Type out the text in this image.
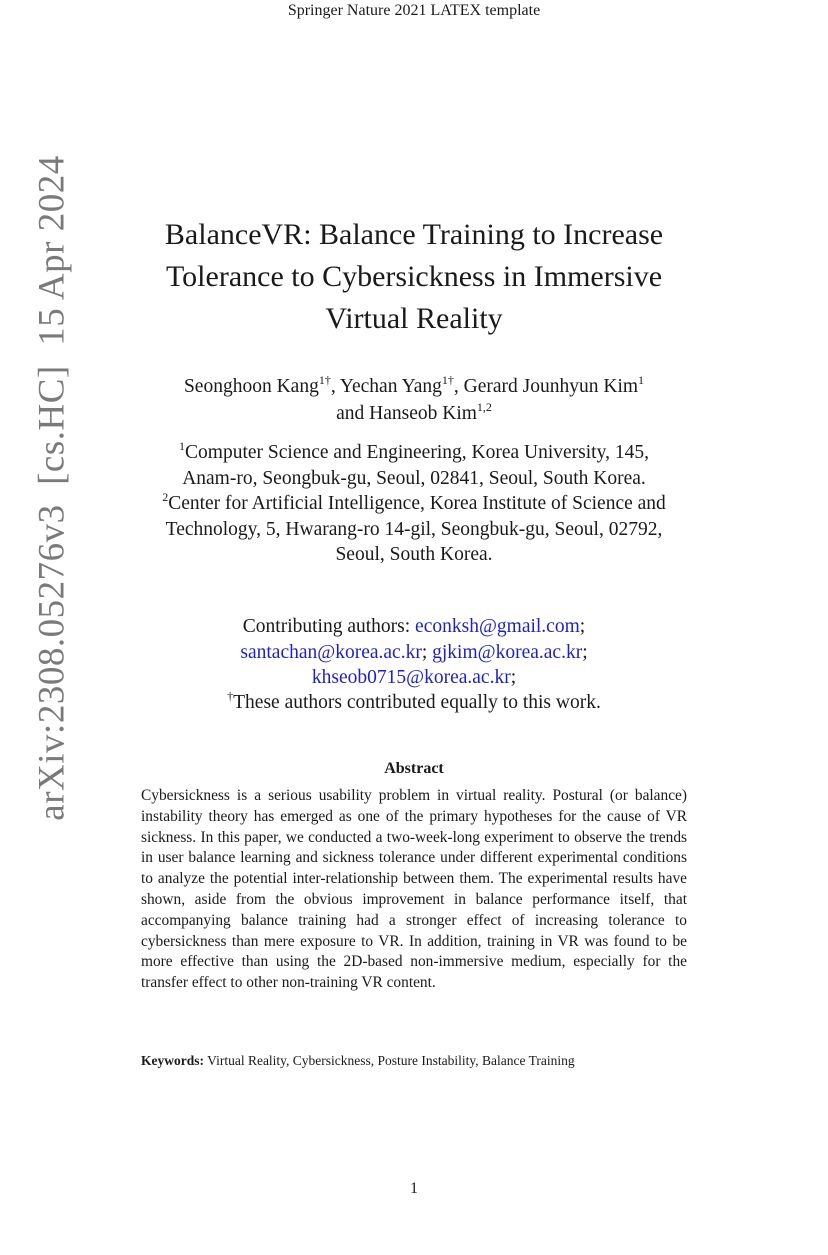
Springer Nature 2021 LATEX template
arXiv:2308.05276v3  [cs.HC]  15 Apr 2024	BalanceVR: Balance Training to Increase
Tolerance to Cybersickness in Immersive
Virtual Reality
Seonghoon Kang$^{1\dagger}$, Yechan Yang$^{1\dagger}$, Gerard Jounhyun Kim$^1$
and Hanseob Kim$^{1,2}$
$^1$Computer Science and Engineering, Korea University, 145,
Anam-ro, Seongbuk-gu, Seoul, 02841, Seoul, South Korea.
$^2$Center for Artificial Intelligence, Korea Institute of Science and
Technology, 5, Hwarang-ro 14-gil, Seongbuk-gu, Seoul, 02792,
Seoul, South Korea.
Contributing authors: econksh@gmail.com;
santachan@korea.ac.kr; gjkim@korea.ac.kr;
khseob0715@korea.ac.kr;
†These authors contributed equally to this work.
Abstract
Cybersickness is a serious usability problem in virtual reality. Postural (or balance) instability theory has emerged as one of the primary hypotheses for the cause of VR sickness. In this paper, we conducted a two-week-long experiment to observe the trends in user balance learning and sickness tolerance under different experimental conditions to analyze the potential inter-relationship between them. The experimental results have shown, aside from the obvious improvement in balance performance itself, that accompanying balance training had a stronger effect of increasing tolerance to cybersickness than mere exposure to VR. In addition, training in VR was found to be more effective than using the 2D-based non-immersive medium, especially for the transfer effect to other non-training VR content.
Keywords: Virtual Reality, Cybersickness, Posture Instability, Balance Training
1
